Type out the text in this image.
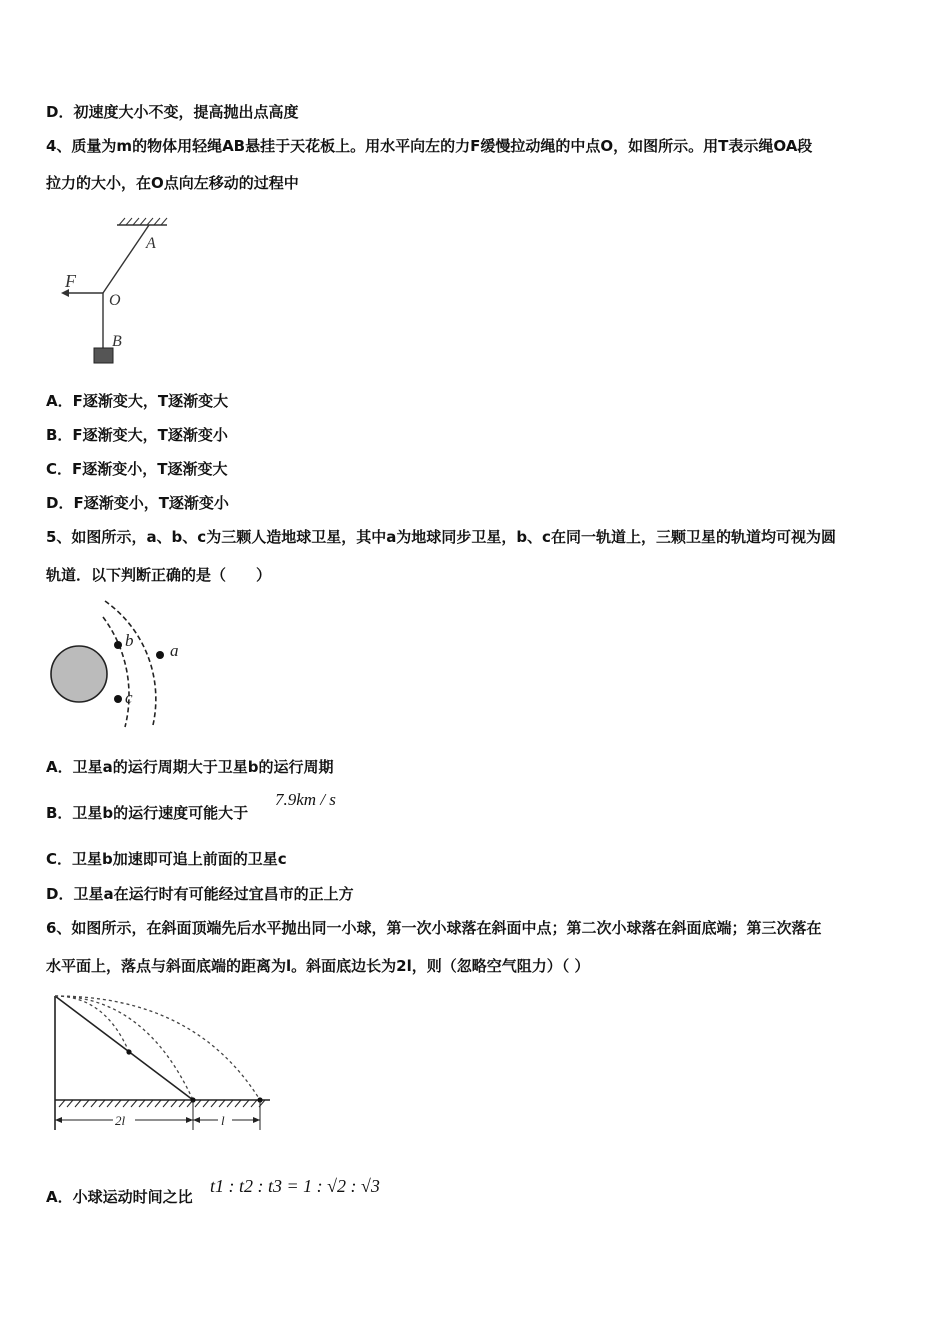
D．初速度大小不变，提高抛出点高度
4、质量为m的物体用轻绳AB悬挂于天花板上。用水平向左的力F缓慢拉动绳的中点O，如图所示。用T表示绳OA段
拉力的大小，在O点向左移动的过程中
A
O
B
F
A．F逐渐变大，T逐渐变大
B．F逐渐变大，T逐渐变小
C．F逐渐变小，T逐渐变大
D．F逐渐变小，T逐渐变小
5、如图所示，a、b、c为三颗人造地球卫星，其中a为地球同步卫星，b、c在同一轨道上，三颗卫星的轨道均可视为圆
轨道．以下判断正确的是（　　）
b
c
a
A．卫星a的运行周期大于卫星b的运行周期
B．卫星b的运行速度可能大于
7.9km / s
C．卫星b加速即可追上前面的卫星c
D．卫星a在运行时有可能经过宜昌市的正上方
6、如图所示，在斜面顶端先后水平抛出同一小球，第一次小球落在斜面中点；第二次小球落在斜面底端；第三次落在
水平面上，落点与斜面底端的距离为l。斜面底边长为2l，则（忽略空气阻力）（ ）
2l	l
A．小球运动时间之比
t1 : t2 : t3 = 1 : √2 : √3
